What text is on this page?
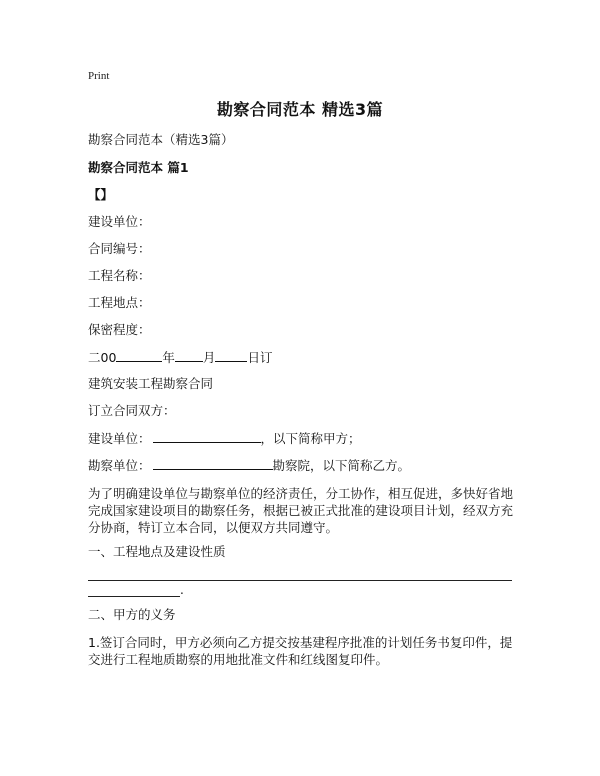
Print
勘察合同范本 精选3篇
勘察合同范本（精选3篇）
勘察合同范本 篇1
【】
建设单位：
合同编号：
工程名称：
工程地点：
保密程度：
二00	年 月	日订
建筑安装工程勘察合同
订立合同双方：
建设单位：	，以下简称甲方；
勘察单位：	勘察院，以下简称乙方。
为了明确建设单位与勘察单位的经济责任，分工协作，相互促进，多快好省地完成国家建设项目的勘察任务，根据已被正式批准的建设项目计划，经双方充分协商，特订立本合同，以便双方共同遵守。
一、工程地点及建设性质
.
二、甲方的义务
1.签订合同时，甲方必须向乙方提交按基建程序批准的计划任务书复印件，提交进行工程地质勘察的用地批准文件和红线图复印件。
